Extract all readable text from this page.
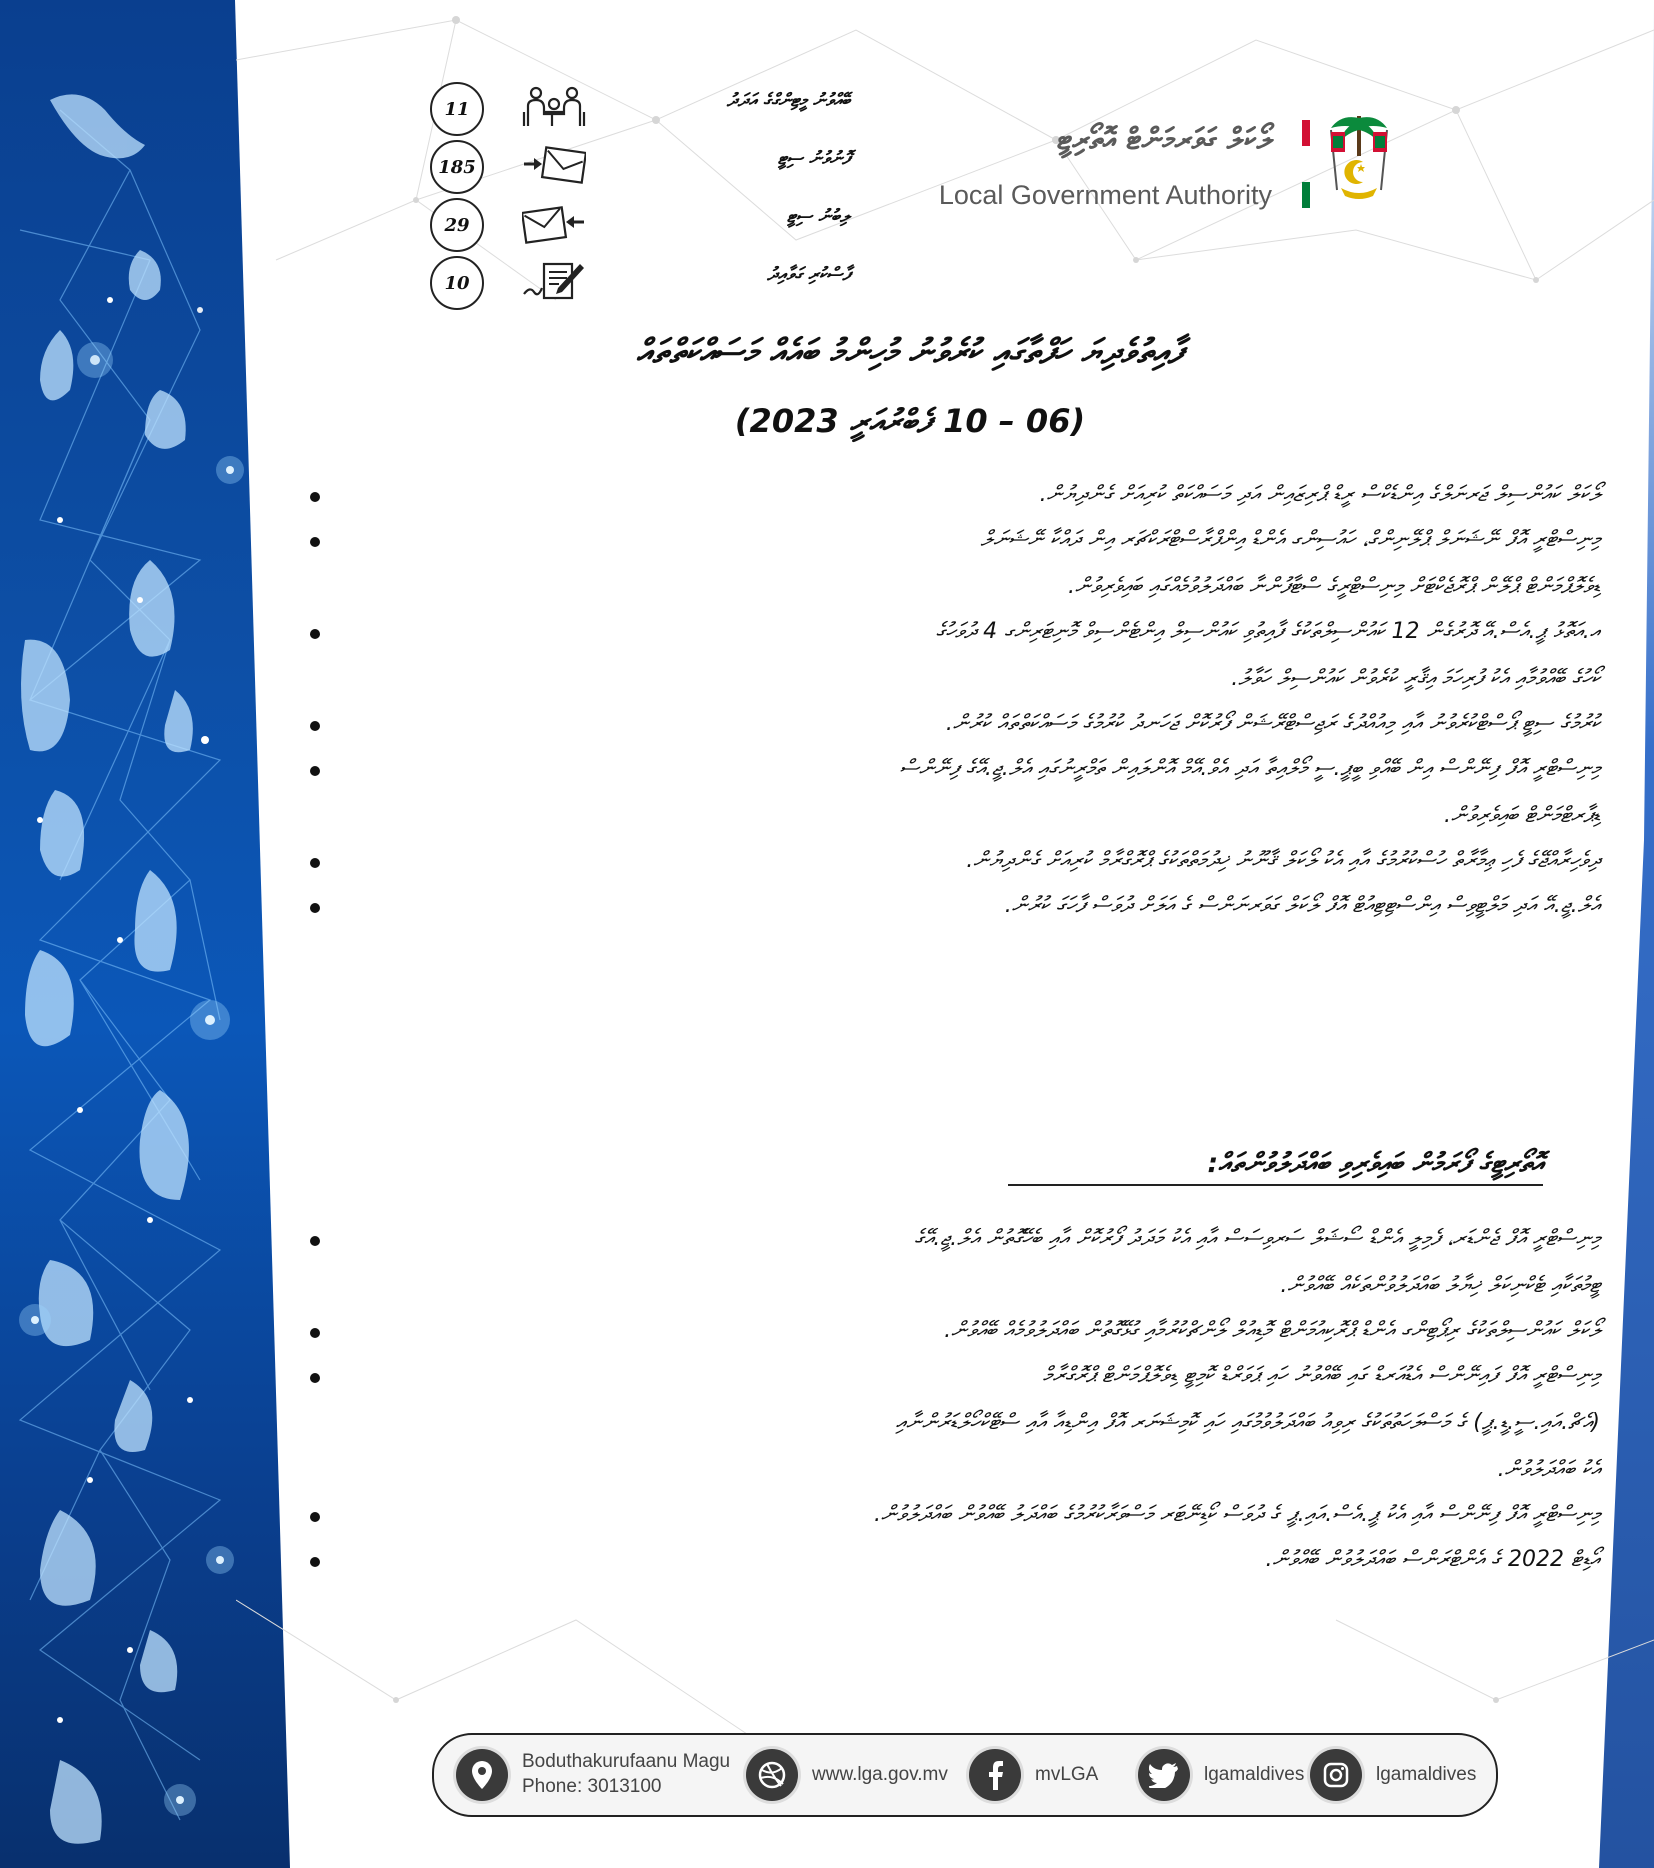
11	ބޭއްވުނު މީޓިންގްގެ އަދަދު
185	ފޮނުވުނު ސިޓީ
29	ލިބުނު ސިޓީ
10	ފާސްކުރި ގަވާއިދު
ލޯކަލް ގަވަރމަންޓް އޮތޯރިޓީ
Local Government Authority
ފާއިތުވެދިޔަ ހަފްތާގައި ކުރެވުނު މުހިންމު ބައެއް މަސައްކަތްތައް
(06 – 10 ފެބްރުއަރީ 2023)
ލޯކަލް ކައުންސިލް ޖަރނަލްގެ އިންޑެކްސް ރީޑް ޕްރިޒައިން އަދި މަސައްކަތް ކުރިއަށް ގެންދިޔުން.
މިނިސްޓްރީ އޮފް ނޭޝަނަލް ޕްލޭނިންގް، ހައުސިންގ އެންޑް އިންފްރާސްޓްރަކްޗަރ އިން ދައްކާ ނޭޝަނަލް
ޑިވެލޮޕްމަންޓް ޕްލޭން ޕްރޮޖެކްޓަށް މިނިސްޓްރީގެ ސްޓާފުންނާ ބައްދަލުވުމެއްގައި ބައިވެރިވުން.
އ.އަތޮޅު ޕީ.އެސް.އޭ ދޮރުގެން 12 ކައުންސިލްތަކުގެ ފާއިތުވި ކައުންސިލް އިންޓެންސިވް މޮނިޓަރިންގ 4 ދުވަހުގެ
ކޯހުގެ ބޭއްވުމާއި އެކު ފުރިހަމަ އިޤާރީ ކުރެވުން ކައުންސިލް ހަވާލު.
ކުރުމުގެ ސިޓީ ޕޯސްޓްކުރެވުނު އާއި މިއުއްދުގެ ރަޖިސްޓްރޭޝަން ފޯރުކޮށް ޖަހަނދު ކުރުމުގެ މަސައްކަތްތައް ކުރުން.
މިނިސްޓްރީ އޮފް ފިނޭންސް އިން ބޭއްވި ބީޕީ.ސީ މޯލްއިތާ އަދި އެވް.އޭމް އޮންލައިން ތަމްރީނުގައި އެލް.ޖީ.އޭގެ ފިނޭންސް
ޑިޕާރޓްމަންޓް ބައިވެރިވުން.
ދިވެހިރާއްޖޭގެ ފެހި ޢިމާރާތް ހުސްކުރުމުގެ އާއި އެކު ލޯކަލް ޤާނޫނު ޚިދުމަތްތަކުގެ ޕްރޮގްރާމް ކުރިއަށް ގެންދިޔުން.
އެލް.ޖީ.އޭ އަދި މަލްޓީވިސް އިންސްޓިޓިއުޓް އޮފް ލޯކަލް ގަވަރނަންސް ގެ އަލަށް ދުވަސް ފާހަގަ ކުރުން.
އޮތޯރިޓީގެ ފޯރަމުން ބައިވެރިވި ބައްދަލުވުންތައް:
މިނިސްޓްރީ އޮފް ޖެންޑަރ، ފެމިލީ އެންޑް ސޯޝަލް ސަރވިސަސް އާއި އެކު މަދަދު ފޯރުކޮށް އާއި ބެހޭގޮތުން އެލް.ޖީ.އޭގެ
ޓީމުތަކާއި ޓެކްނިކަލް ޚިޔާލު ބައްދަލުވުންތަކެއް ބޭއްވުން.
ލޯކަލް ކައުންސިލްތަކުގެ ރިޕޯޓިންގ އެންޑް ޕްރޮކިއުމަންޓް މޮޑިއުލް ލޯންޗްކުރުމާއި ގުޅޭގޮތުން ބައްދަލުވުމެއް ބޭއްވުން.
މިނިސްޓްރީ އޮފް ފައިނޭންސް އެޑުއަރޑް ގައި ބޭއްވުނު ހައި ޕަވަރްޑް ކޮމިޓީ ޑިވެލޮޕްމަންޓް ޕްރޮގްރާމް
(އެޗް.އައި.ސީ.ޑީ.ޕީ) ގެ މަސްލަހަތުތަކުގެ ރިވިއު ބައްދަލުވުމުގައި ހައި ކޮމިޝަނަރ އޮފް އިންޑިއާ އާއި ސްޓޭކްހޯލްޑަރުންނާއި
އެކު ބައްދަލުވުން.
މިނިސްޓްރީ އޮފް ފިނޭންސް އާއި އެކު ޕީ.އެސް.އައި.ޕީ ގެ ދުވަސް ކޯޑިނޭޓަރ މަސްވަރާކުރުމުގެ ބައްދަލު ބޭއްވުން ބައްދަލުވުން.
އޯޑިޓް 2022 ގެ އެންޓްރަންސް ބައްދަލުވުން ބޭއްވުން.
Boduthakurufaanu Magu
Phone: 3013100
www.lga.gov.mv	mvLGA	lgamaldives	lgamaldives
